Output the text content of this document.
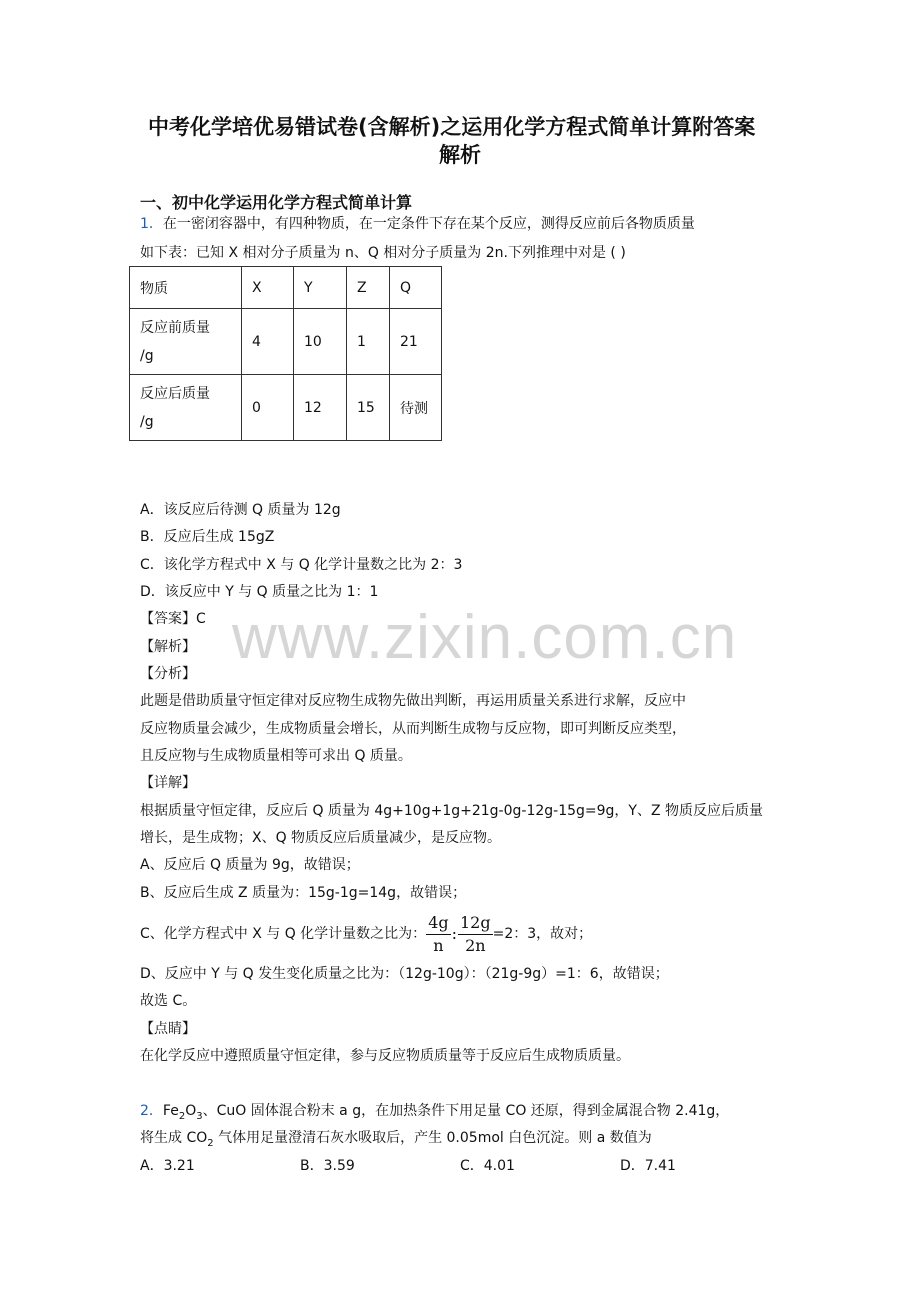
中考化学培优易错试卷(含解析)之运用化学方程式简单计算附答案
解析
一、初中化学运用化学方程式简单计算
1．在一密闭容器中，有四种物质，在一定条件下存在某个反应，测得反应前后各物质质量
如下表：已知 X 相对分子质量为 n、Q 相对分子质量为 2n.下列推理中对是 ( )
物质	X	Y	Z	Q

反应前质量
/g	4	10	1	21

反应后质量
/g	0	12	15	待测
A．该反应后待测 Q 质量为 12g
B．反应后生成 15gZ
C．该化学方程式中 X 与 Q 化学计量数之比为 2：3
D．该反应中 Y 与 Q 质量之比为 1：1
www.zixin.com.cn
【答案】C
【解析】
【分析】
此题是借助质量守恒定律对反应物生成物先做出判断，再运用质量关系进行求解，反应中
反应物质量会减少，生成物质量会增长，从而判断生成物与反应物，即可判断反应类型，
且反应物与生成物质量相等可求出 Q 质量。
【详解】
根据质量守恒定律，反应后 Q 质量为 4g+10g+1g+21g-0g-12g-15g=9g，Y、Z 物质反应后质量
增长，是生成物；X、Q 物质反应后质量减少，是反应物。
A、反应后 Q 质量为 9g，故错误；
B、反应后生成 Z 质量为：15g-1g=14g，故错误；
C、化学方程式中 X 与 Q 化学计量数之比为： $\frac{4g}{n}$ : $\frac{12g}{2n} =2$：3，故对；
D、反应中 Y 与 Q 发生变化质量之比为：（12g-10g）：（21g-9g）=1：6，故错误；
故选 C。
【点睛】
在化学反应中遵照质量守恒定律，参与反应物质质量等于反应后生成物质质量。
2．$Fe_2O_3$、CuO 固体混合粉末 a g，在加热条件下用足量 CO 还原，得到金属混合物 2.41g，
将生成 $CO_2$ 气体用足量澄清石灰水吸取后，产生 0.05mol 白色沉淀。则 a 数值为
A．3.21	B．3.59	C．4.01	D．7.41
